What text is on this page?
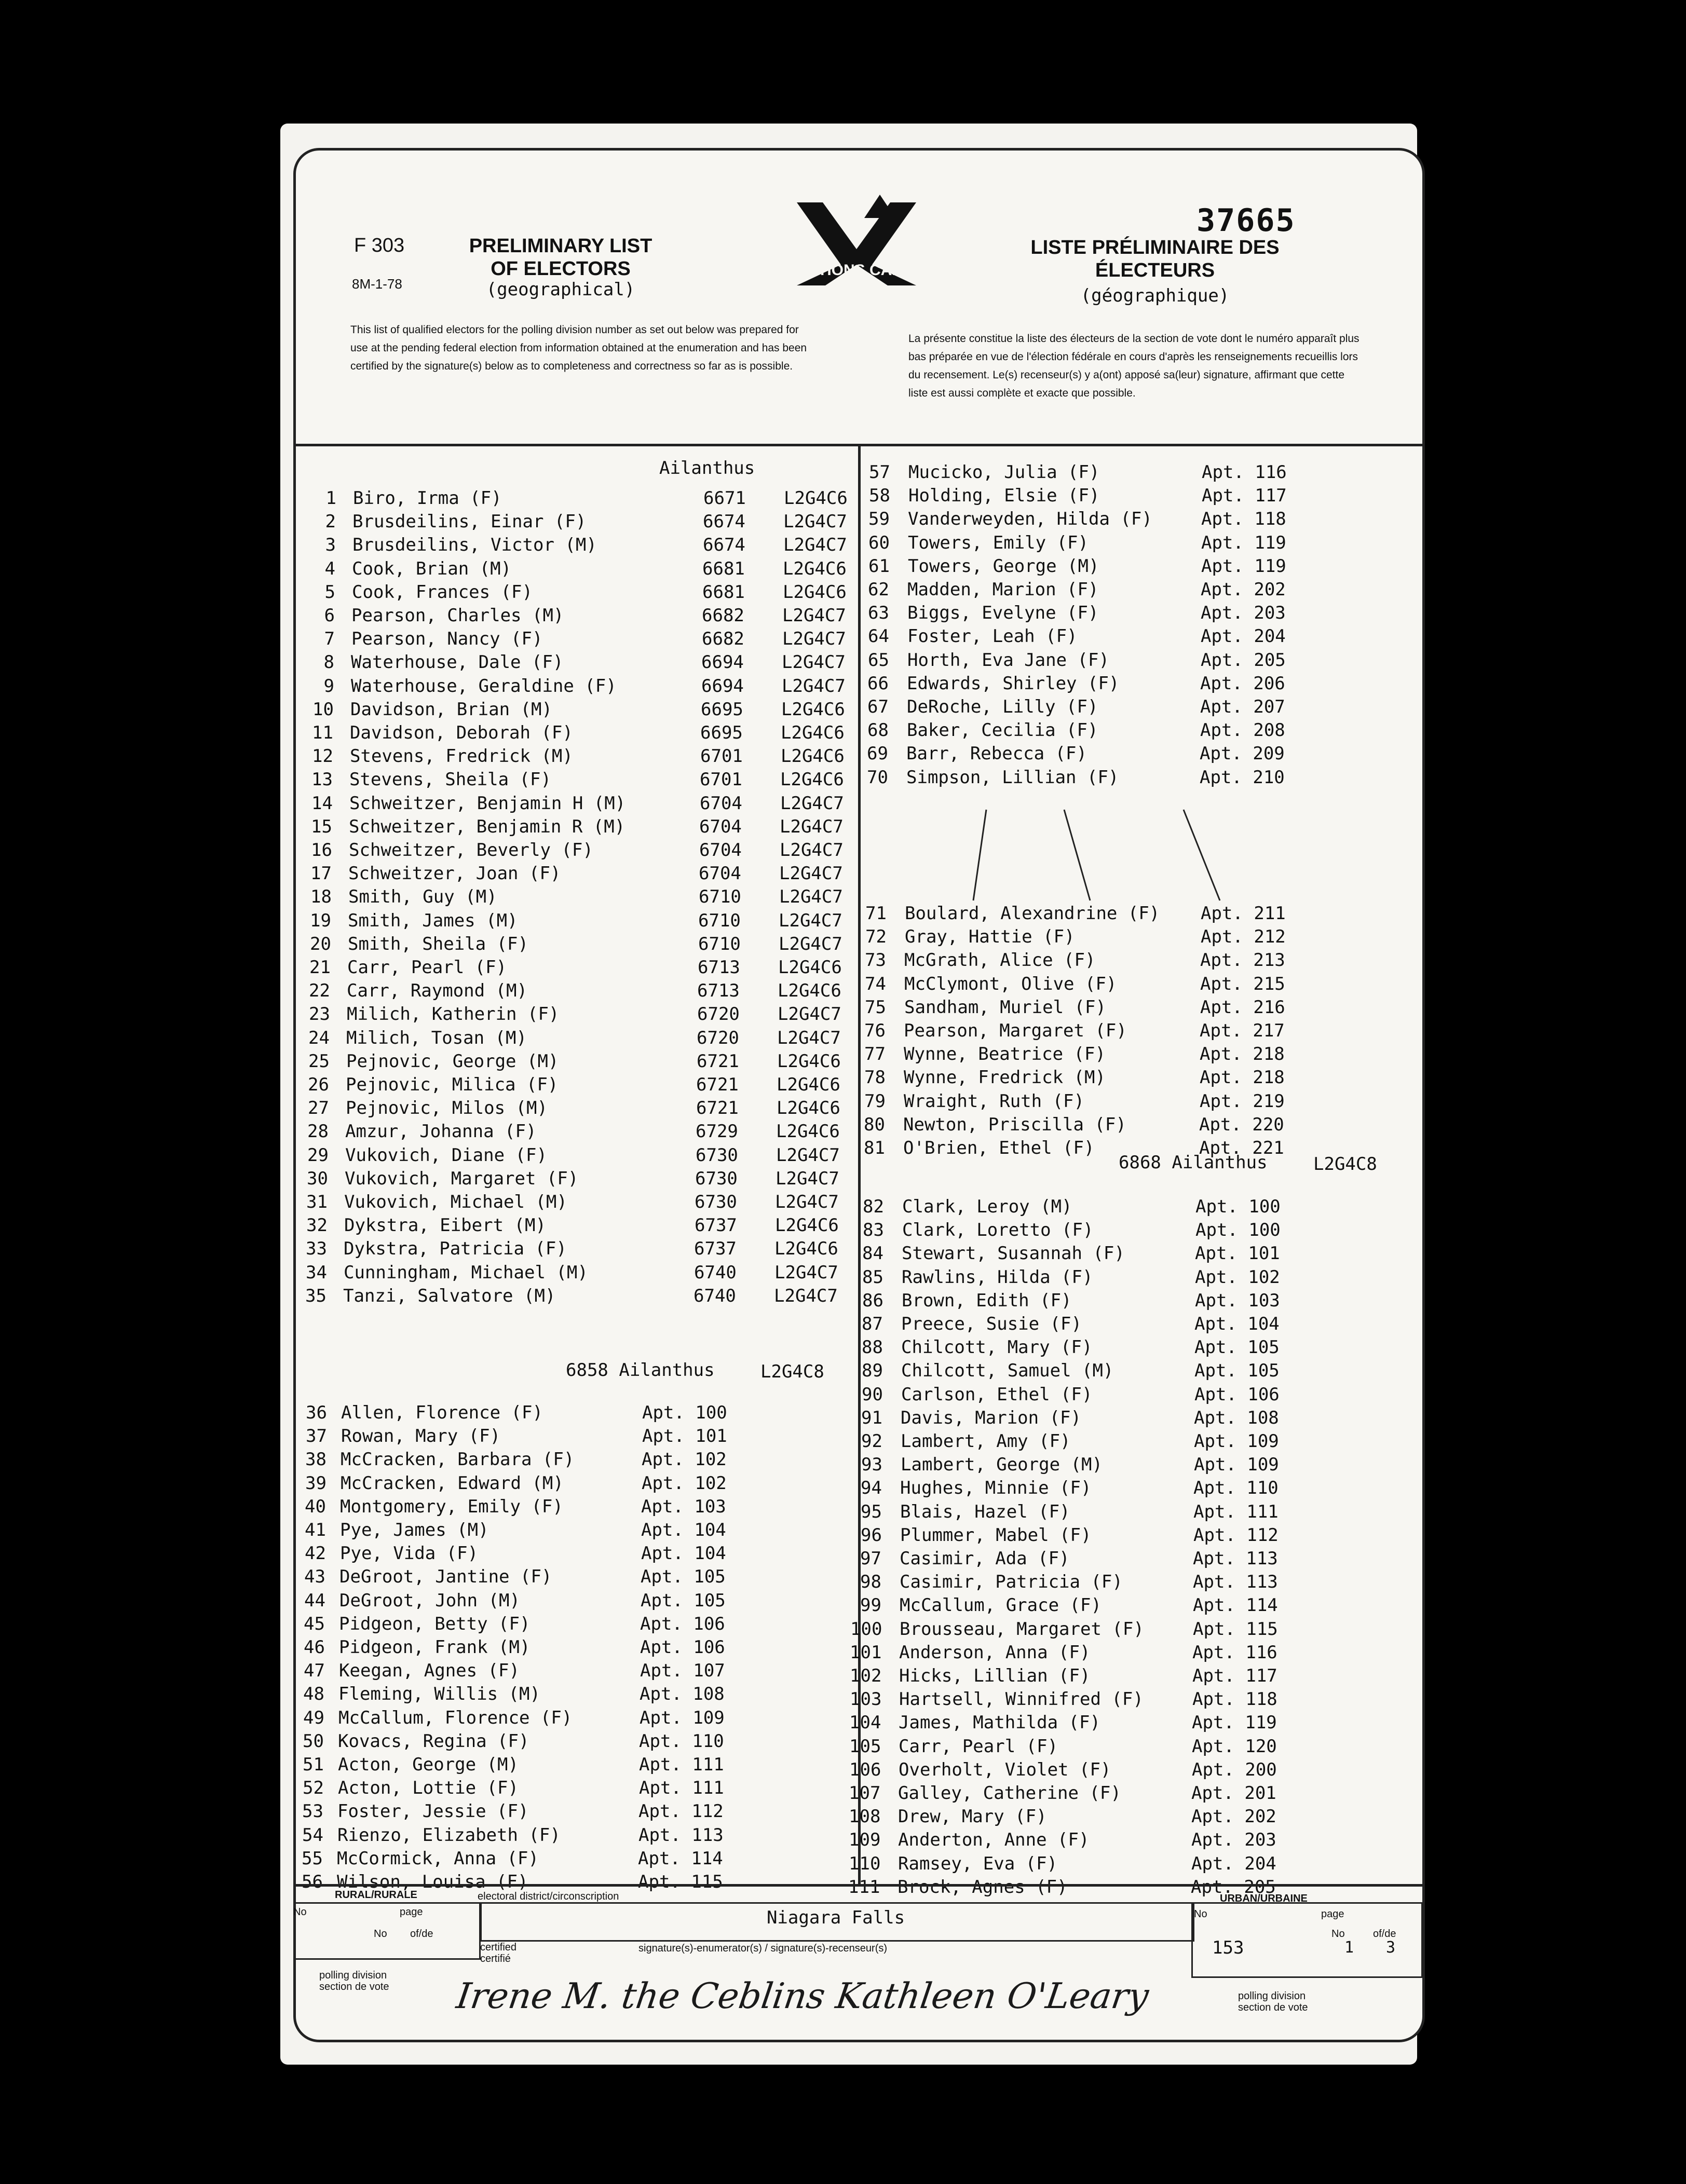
F 303
8M-1-78
PRELIMINARY LIST OF ELECTORS
(geographical)
ELECTIONS CANADA
37665
LISTE PRÉLIMINAIRE DES ÉLECTEURS
(géographique)
This list of qualified electors for the polling division number as set out below was prepared for use at the pending federal election from information obtained at the enumeration and has been certified by the signature(s) below as to completeness and correctness so far as is possible.
La présente constitue la liste des électeurs de la section de vote dont le numéro apparaît plus bas préparée en vue de l'élection fédérale en cours d'après les renseignements recueillis lors du recensement. Le(s) recenseur(s) y a(ont) apposé sa(leur) signature, affirmant que cette liste est aussi complète et exacte que possible.
Ailanthus
1 Biro, Irma (F)	6671 L2G4C6
2 Brusdeilins, Einar (F)	6674 L2G4C7
3 Brusdeilins, Victor (M)	6674 L2G4C7
4 Cook, Brian (M)	6681 L2G4C6
5 Cook, Frances (F)	6681 L2G4C6
6 Pearson, Charles (M)	6682 L2G4C7
7 Pearson, Nancy (F)	6682 L2G4C7
8 Waterhouse, Dale (F)	6694 L2G4C7
9 Waterhouse, Geraldine (F)	6694 L2G4C7
10 Davidson, Brian (M)	6695 L2G4C6
11 Davidson, Deborah (F)	6695 L2G4C6
12 Stevens, Fredrick (M)	6701 L2G4C6
13 Stevens, Sheila (F)	6701 L2G4C6
14 Schweitzer, Benjamin H (M)	6704 L2G4C7
15 Schweitzer, Benjamin R (M)	6704 L2G4C7
16 Schweitzer, Beverly (F)	6704 L2G4C7
17 Schweitzer, Joan (F)	6704 L2G4C7
18 Smith, Guy (M)	6710 L2G4C7
19 Smith, James (M)	6710 L2G4C7
20 Smith, Sheila (F)	6710 L2G4C7
21 Carr, Pearl (F)	6713 L2G4C6
22 Carr, Raymond (M)	6713 L2G4C6
23 Milich, Katherin (F)	6720 L2G4C7
24 Milich, Tosan (M)	6720 L2G4C7
25 Pejnovic, George (M)	6721 L2G4C6
26 Pejnovic, Milica (F)	6721 L2G4C6
27 Pejnovic, Milos (M)	6721 L2G4C6
28 Amzur, Johanna (F)	6729 L2G4C6
29 Vukovich, Diane (F)	6730 L2G4C7
30 Vukovich, Margaret (F)	6730 L2G4C7
31 Vukovich, Michael (M)	6730 L2G4C7
32 Dykstra, Eibert (M)	6737 L2G4C6
33 Dykstra, Patricia (F)	6737 L2G4C6
34 Cunningham, Michael (M)	6740 L2G4C7
35 Tanzi, Salvatore (M)	6740 L2G4C7
6858 Ailanthus	L2G4C8
36 Allen, Florence (F)	Apt. 100
37 Rowan, Mary (F)	Apt. 101
38 McCracken, Barbara (F)	Apt. 102
39 McCracken, Edward (M)	Apt. 102
40 Montgomery, Emily (F)	Apt. 103
41 Pye, James (M)	Apt. 104
42 Pye, Vida (F)	Apt. 104
43 DeGroot, Jantine (F)	Apt. 105
44 DeGroot, John (M)	Apt. 105
45 Pidgeon, Betty (F)	Apt. 106
46 Pidgeon, Frank (M)	Apt. 106
47 Keegan, Agnes (F)	Apt. 107
48 Fleming, Willis (M)	Apt. 108
49 McCallum, Florence (F)	Apt. 109
50 Kovacs, Regina (F)	Apt. 110
51 Acton, George (M)	Apt. 111
52 Acton, Lottie (F)	Apt. 111
53 Foster, Jessie (F)	Apt. 112
54 Rienzo, Elizabeth (F)	Apt. 113
55 McCormick, Anna (F)	Apt. 114
56 Wilson, Louisa (F)	Apt. 115
57 Mucicko, Julia (F)	Apt. 116
58 Holding, Elsie (F)	Apt. 117
59 Vanderweyden, Hilda (F)	Apt. 118
60 Towers, Emily (F)	Apt. 119
61 Towers, George (M)	Apt. 119
62 Madden, Marion (F)	Apt. 202
63 Biggs, Evelyne (F)	Apt. 203
64 Foster, Leah (F)	Apt. 204
65 Horth, Eva Jane (F)	Apt. 205
66 Edwards, Shirley (F)	Apt. 206
67 DeRoche, Lilly (F)	Apt. 207
68 Baker, Cecilia (F)	Apt. 208
69 Barr, Rebecca (F)	Apt. 209
70 Simpson, Lillian (F)	Apt. 210
71 Boulard, Alexandrine (F) Apt. 211
72 Gray, Hattie (F)	Apt. 212
73 McGrath, Alice (F)	Apt. 213
74 McClymont, Olive (F)	Apt. 215
75 Sandham, Muriel (F)	Apt. 216
76 Pearson, Margaret (F)	Apt. 217
77 Wynne, Beatrice (F)	Apt. 218
78 Wynne, Fredrick (M)	Apt. 218
79 Wraight, Ruth (F)	Apt. 219
80 Newton, Priscilla (F)	Apt. 220
81 O'Brien, Ethel (F)	Apt. 221
6868 Ailanthus	L2G4C8
82 Clark, Leroy (M)	Apt. 100
83 Clark, Loretto (F)	Apt. 100
84 Stewart, Susannah (F)	Apt. 101
85 Rawlins, Hilda (F)	Apt. 102
86 Brown, Edith (F)	Apt. 103
87 Preece, Susie (F)	Apt. 104
88 Chilcott, Mary (F)	Apt. 105
89 Chilcott, Samuel (M)	Apt. 105
90 Carlson, Ethel (F)	Apt. 106
91 Davis, Marion (F)	Apt. 108
92 Lambert, Amy (F)	Apt. 109
93 Lambert, George (M)	Apt. 109
94 Hughes, Minnie (F)	Apt. 110
95 Blais, Hazel (F)	Apt. 111
96 Plummer, Mabel (F)	Apt. 112
97 Casimir, Ada (F)	Apt. 113
98 Casimir, Patricia (F)	Apt. 113
99 McCallum, Grace (F)	Apt. 114
100 Brousseau, Margaret (F)	Apt. 115
101 Anderson, Anna (F)	Apt. 116
102 Hicks, Lillian (F)	Apt. 117
103 Hartsell, Winnifred (F)	Apt. 118
104 James, Mathilda (F)	Apt. 119
105 Carr, Pearl (F)	Apt. 120
106 Overholt, Violet (F)	Apt. 200
107 Galley, Catherine (F)	Apt. 201
108 Drew, Mary (F)	Apt. 202
109 Anderton, Anne (F)	Apt. 203
110 Ramsey, Eva (F)	Apt. 204
111 Brock, Agnes (F)	Apt. 205
RURAL/RURALE	URBAN/URBAINE
electoral district/circonscription
No	page
No of/de
Niagara Falls
certified
certifié
signature(s)-enumerator(s) / signature(s)-recenseur(s)
polling division
section de vote
No	page
No	of/de
153	1 3
polling division
section de vote
Irene M. the Ceblins Kathleen O'Leary
